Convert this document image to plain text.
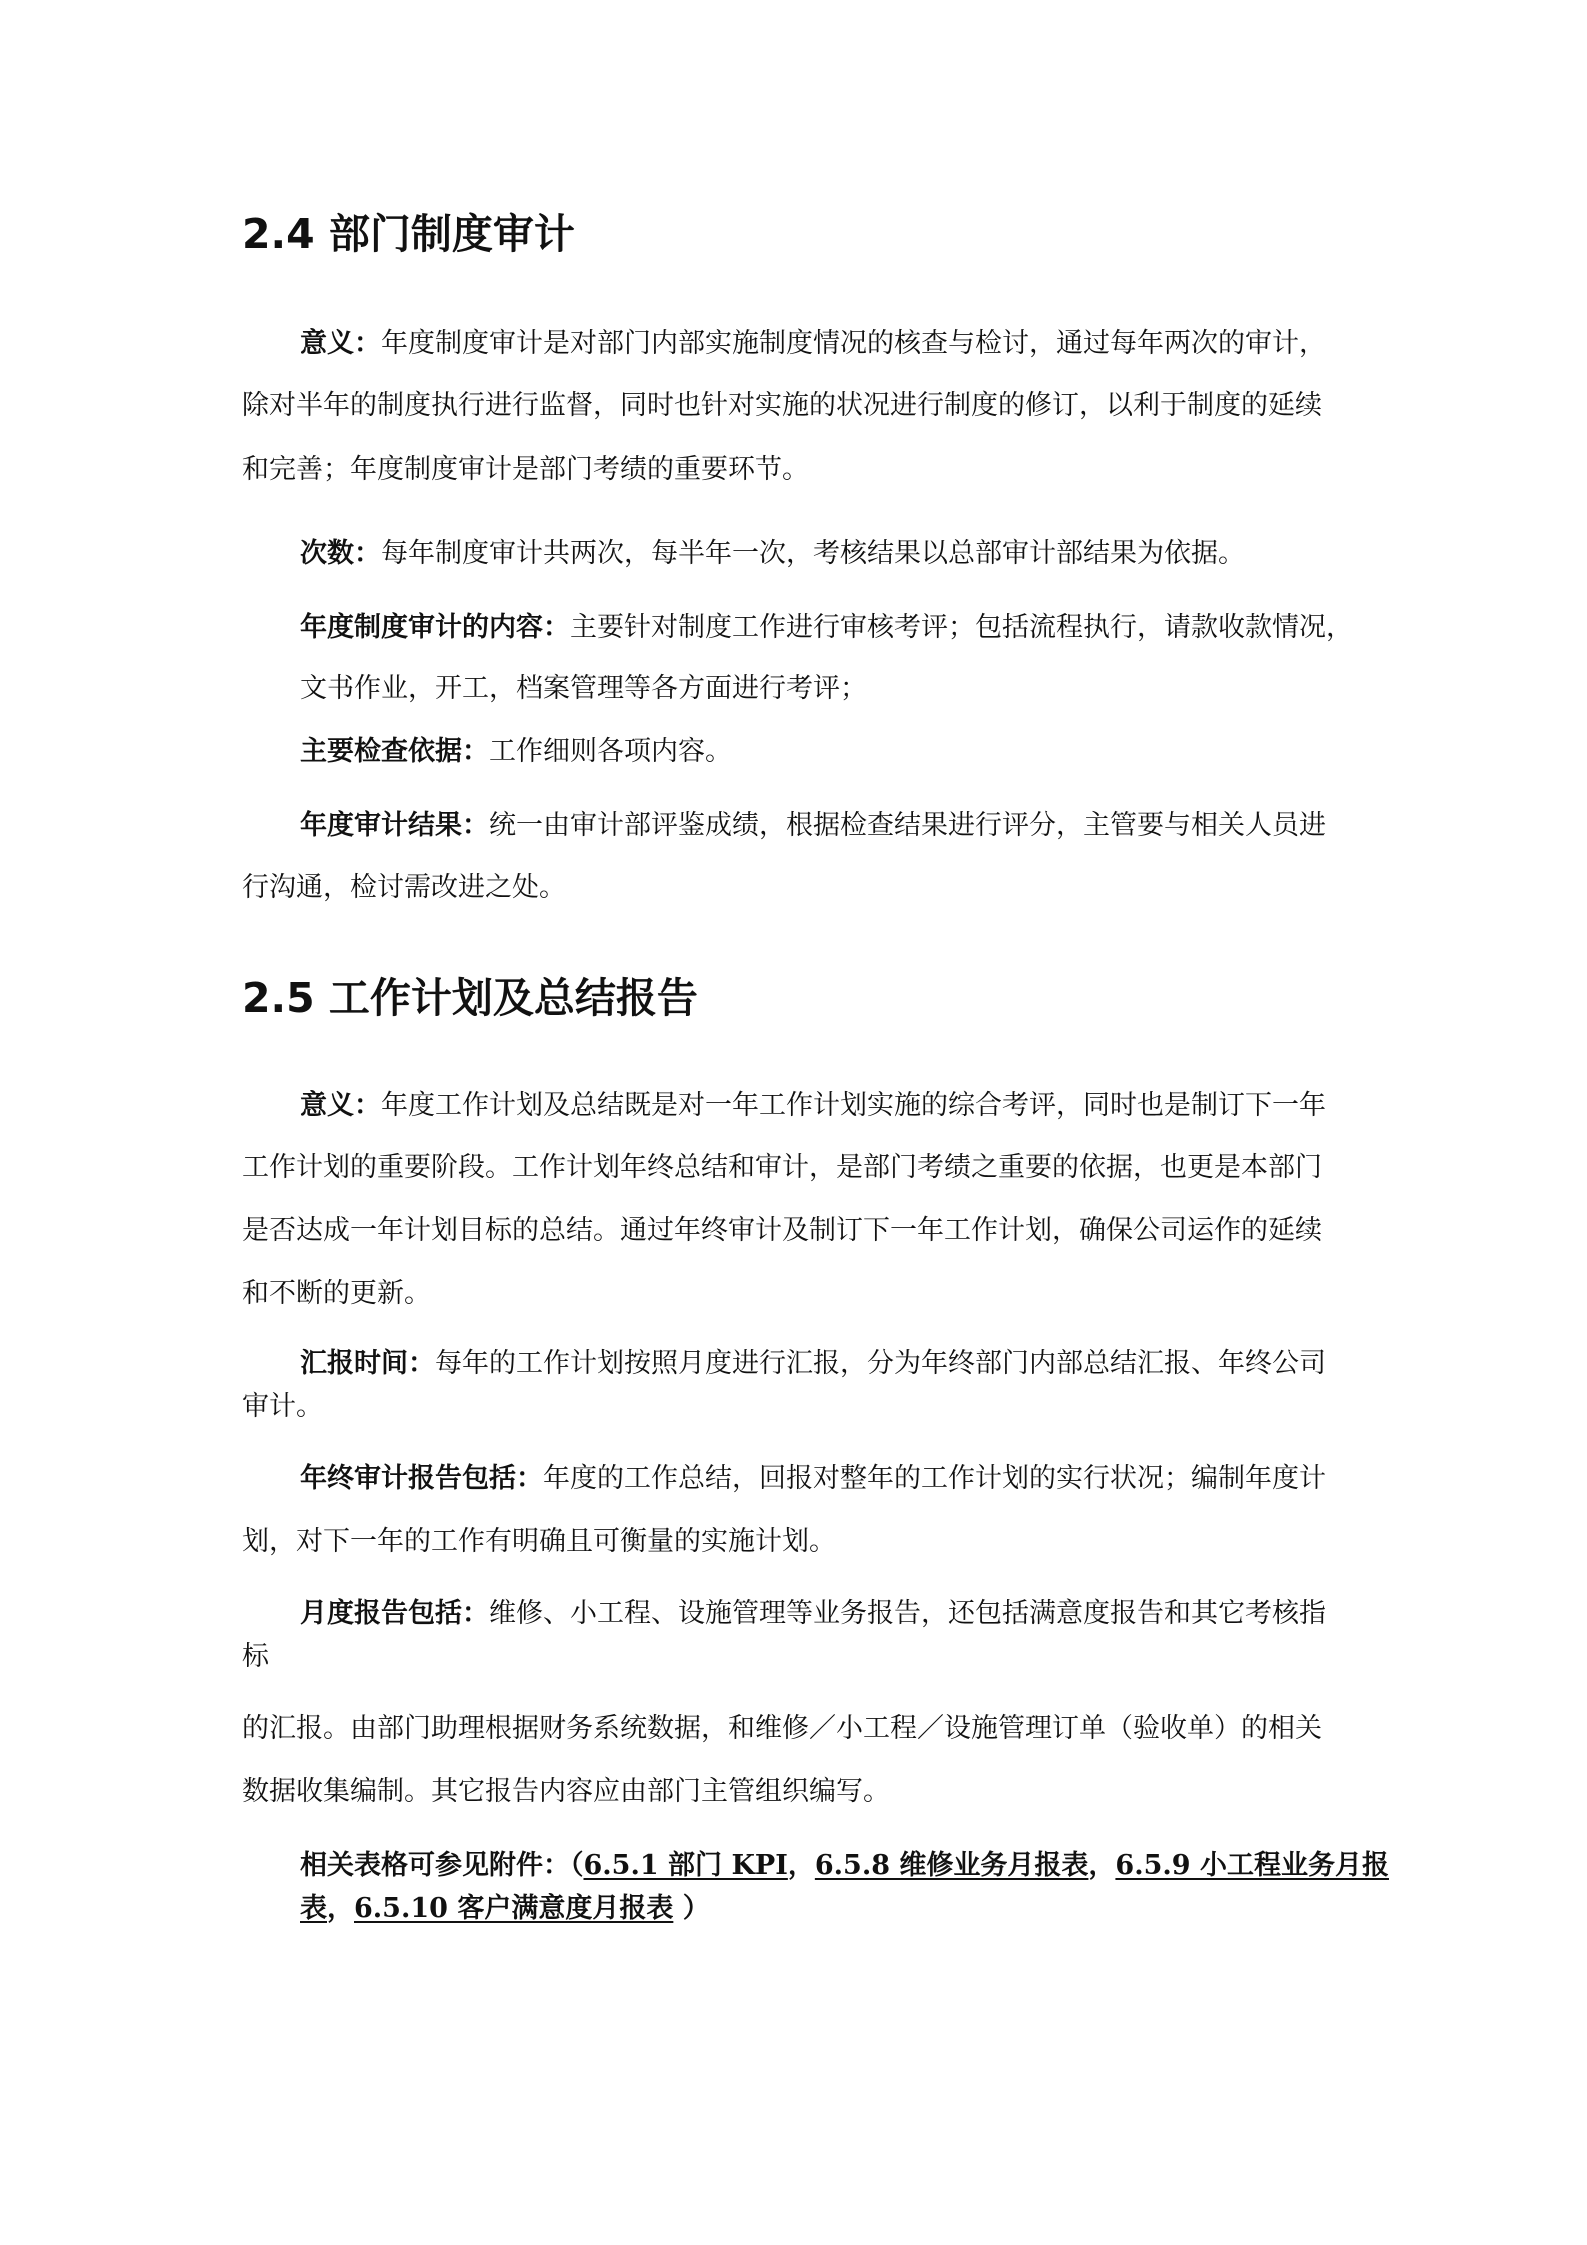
2.4 部门制度审计

意义：年度制度审计是对部门内部实施制度情况的核查与检讨，通过每年两次的审计，

除对半年的制度执行进行监督，同时也针对实施的状况进行制度的修订，以利于制度的延续

和完善；年度制度审计是部门考绩的重要环节。

次数：每年制度审计共两次，每半年一次，考核结果以总部审计部结果为依据。

年度制度审计的内容：主要针对制度工作进行审核考评；包括流程执行，请款收款情况，

文书作业，开工，档案管理等各方面进行考评；

主要检查依据：工作细则各项内容。

年度审计结果：统一由审计部评鉴成绩，根据检查结果进行评分，主管要与相关人员进

行沟通，检讨需改进之处。

2.5 工作计划及总结报告

意义：年度工作计划及总结既是对一年工作计划实施的综合考评，同时也是制订下一年

工作计划的重要阶段。工作计划年终总结和审计，是部门考绩之重要的依据，也更是本部门

是否达成一年计划目标的总结。通过年终审计及制订下一年工作计划，确保公司运作的延续

和不断的更新。

汇报时间：每年的工作计划按照月度进行汇报，分为年终部门内部总结汇报、年终公司

审计。

年终审计报告包括：年度的工作总结，回报对整年的工作计划的实行状况；编制年度计

划，对下一年的工作有明确且可衡量的实施计划。

月度报告包括：维修、小工程、设施管理等业务报告，还包括满意度报告和其它考核指

标

的汇报。由部门助理根据财务系统数据，和维修／小工程／设施管理订单（验收单）的相关

数据收集编制。其它报告内容应由部门主管组织编写。

相关表格可参见附件：（6.5.1 部门 KPI，6.5.8 维修业务月报表，6.5.9 小工程业务月报

表，6.5.10 客户满意度月报表 ）
